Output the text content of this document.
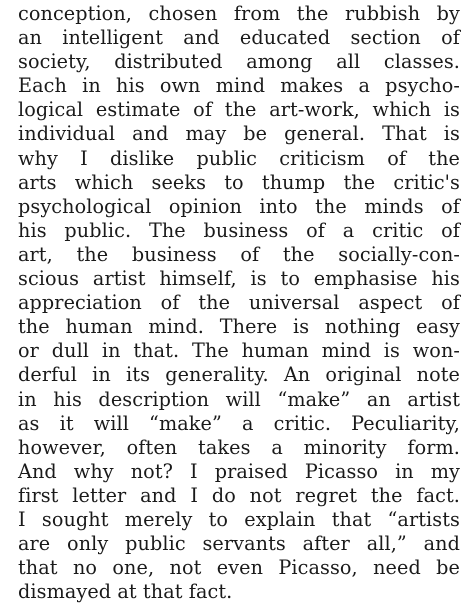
conception, chosen from the rubbish by
an intelligent and educated section of
society, distributed among all classes.
Each in his own mind makes a psycho-
logical estimate of the art-work, which is
individual and may be general. That is
why I dislike public criticism of the
arts which seeks to thump the critic's
psychological opinion into the minds of
his public. The business of a critic of
art, the business of the socially-con-
scious artist himself, is to emphasise his
appreciation of the universal aspect of
the human mind. There is nothing easy
or dull in that. The human mind is won-
derful in its generality. An original note
in his description will “make” an artist
as it will “make” a critic. Peculiarity,
however, often takes a minority form.
And why not? I praised Picasso in my
first letter and I do not regret the fact.
I sought merely to explain that “artists
are only public servants after all,” and
that no one, not even Picasso, need be
dismayed at that fact.
